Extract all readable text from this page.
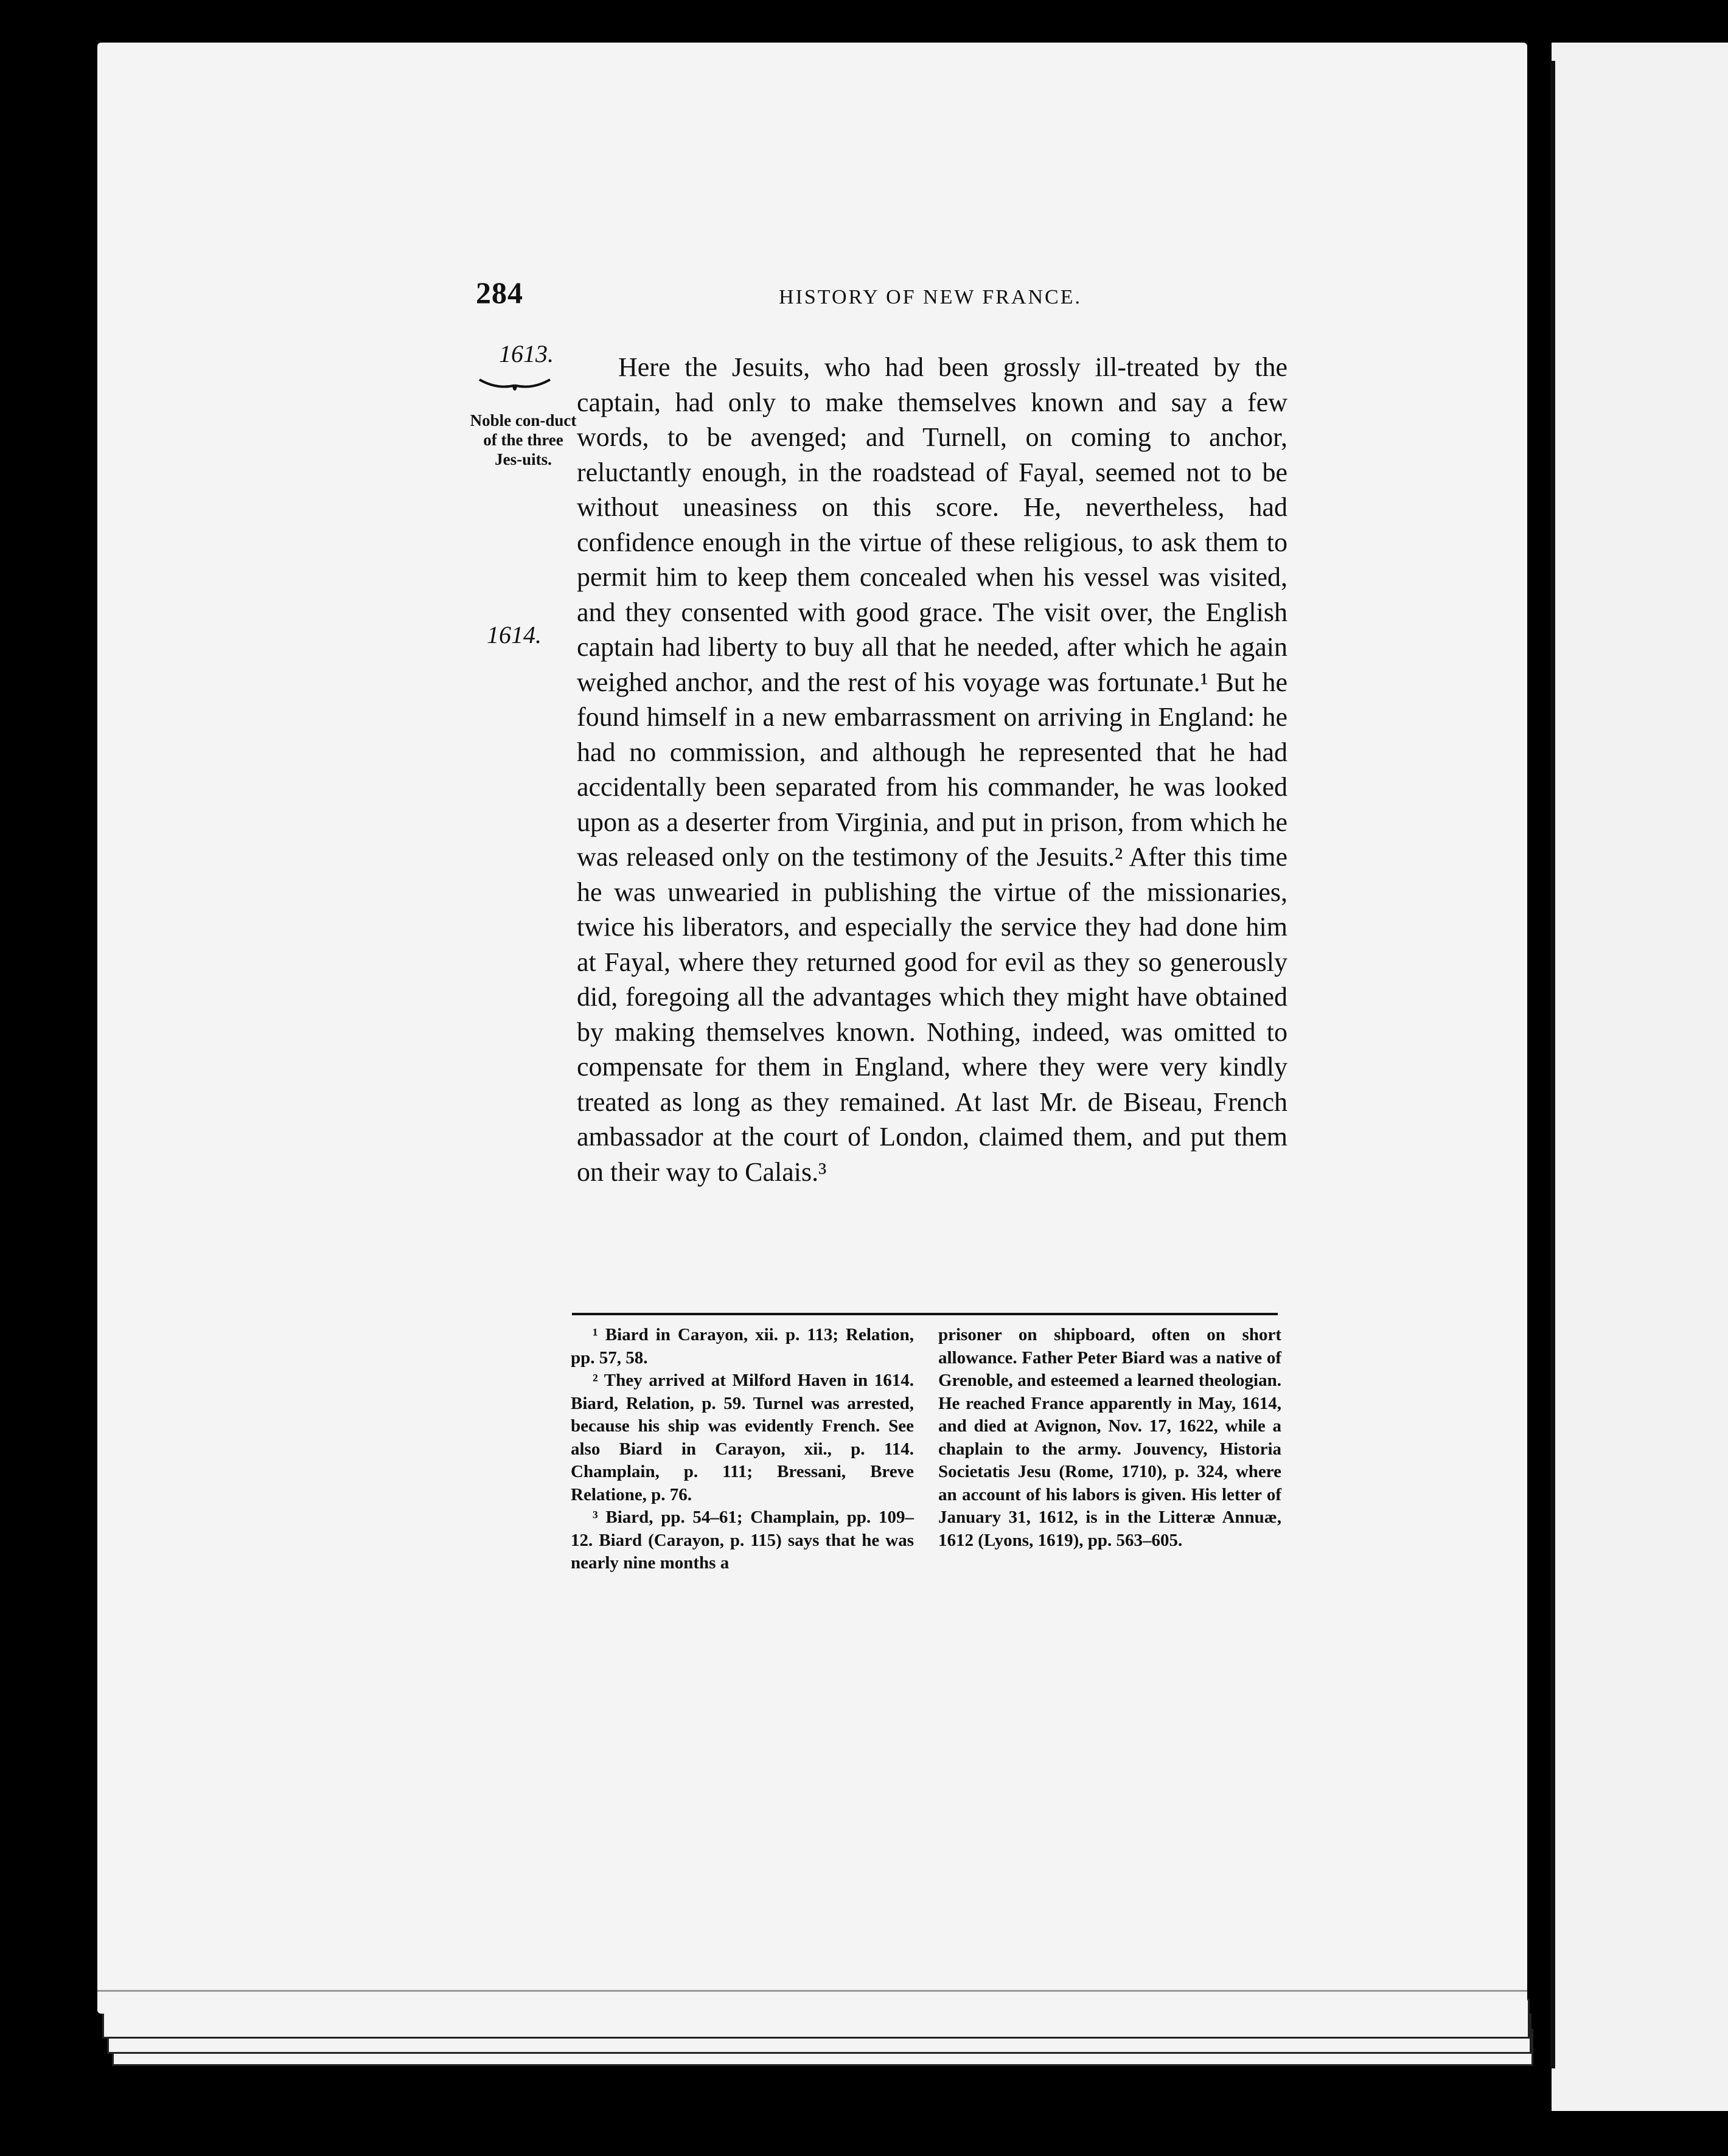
284	HISTORY OF NEW FRANCE.
1613.
Noble con-duct of the three Jes-uits.
1614.

Here the Jesuits, who had been grossly ill-treated by the captain, had only to make themselves known and say a few words, to be avenged; and Turnell, on coming to anchor, reluctantly enough, in the roadstead of Fayal, seemed not to be without uneasiness on this score. He, nevertheless, had confidence enough in the virtue of these religious, to ask them to permit him to keep them concealed when his vessel was visited, and they consented with good grace. The visit over, the English captain had liberty to buy all that he needed, after which he again weighed anchor, and the rest of his voyage was fortunate.¹ But he found himself in a new embarrassment on arriving in England: he had no commission, and although he represented that he had accidentally been separated from his commander, he was looked upon as a deserter from Virginia, and put in prison, from which he was released only on the testimony of the Jesuits.² After this time he was unwearied in publishing the virtue of the missionaries, twice his liberators, and especially the service they had done him at Fayal, where they returned good for evil as they so generously did, foregoing all the advantages which they might have obtained by making themselves known. Nothing, indeed, was omitted to compensate for them in England, where they were very kindly treated as long as they remained. At last Mr. de Biseau, French ambassador at the court of London, claimed them, and put them on their way to Calais.³

¹ Biard in Carayon, xii. p. 113; Relation, pp. 57, 58.

² They arrived at Milford Haven in 1614. Biard, Relation, p. 59. Turnel was arrested, because his ship was evidently French. See also Biard in Carayon, xii., p. 114. Champlain, p. 111; Bressani, Breve Relatione, p. 76.

³ Biard, pp. 54–61; Champlain, pp. 109–12. Biard (Carayon, p. 115) says that he was nearly nine months a

prisoner on shipboard, often on short allowance. Father Peter Biard was a native of Grenoble, and esteemed a learned theologian. He reached France apparently in May, 1614, and died at Avignon, Nov. 17, 1622, while a chaplain to the army. Jouvency, Historia Societatis Jesu (Rome, 1710), p. 324, where an account of his labors is given. His letter of January 31, 1612, is in the Litteræ Annuæ, 1612 (Lyons, 1619), pp. 563–605.
